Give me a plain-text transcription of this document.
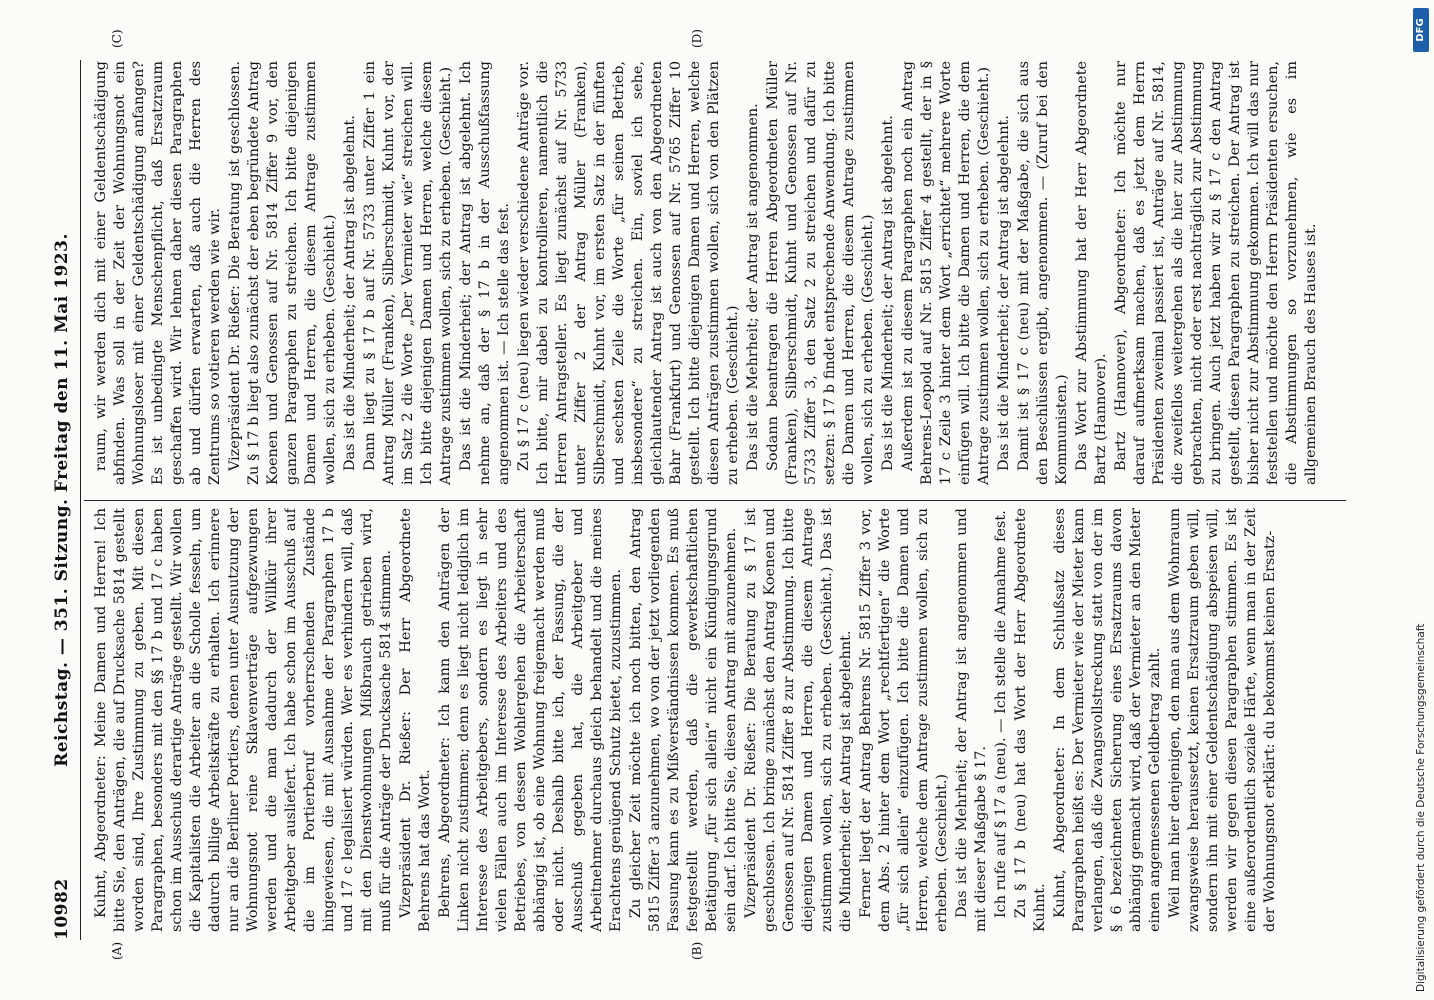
10982
Reichstag. — 351. Sitzung. Freitag den 11. Mai 1923.
(A)	(B)
(C)	(D)

Kuhnt, Abgeordneter: Meine Damen und Herren! Ich bitte Sie, den Anträgen, die auf Drucksache 5814 gestellt worden sind, Ihre Zustimmung zu geben. Mit diesen Paragraphen, besonders mit den §§ 17 b und 17 c haben schon im Ausschuß derartige Anträge gestellt. Wir wollen die Kapitalisten die Arbeiter an die Scholle fesseln, um dadurch billige Arbeitskräfte zu erhalten. Ich erinnere nur an die Berliner Portiers, denen unter Ausnutzung der Wohnungsnot reine Sklavenverträge aufgezwungen werden und die man dadurch der Willkür ihrer Arbeitgeber ausliefert. Ich habe schon im Ausschuß auf die im Portierberuf vorherrschenden Zustände hingewiesen, die mit Ausnahme der Paragraphen 17 b und 17 c legalisiert würden. Wer es verhindern will, daß mit den Dienstwohnungen Mißbrauch getrieben wird, muß für die Anträge der Drucksache 5814 stimmen. Vizepräsident Dr. Rießer: Der Herr Abgeordnete Behrens hat das Wort. Behrens, Abgeordneter: Ich kann den Anträgen der Linken nicht zustimmen; denn es liegt nicht lediglich im Interesse des Arbeitgebers, sondern es liegt in sehr vielen Fällen auch im Interesse des Arbeiters und des Betriebes, von dessen Wohlergehen die Arbeiterschaft abhängig ist, ob eine Wohnung freigemacht werden muß oder nicht. Deshalb bitte ich, der Fassung, die der Ausschuß gegeben hat, die Arbeitgeber und Arbeitnehmer durchaus gleich behandelt und die meines Erachtens genügend Schutz bietet, zuzustimmen. Zu gleicher Zeit möchte ich noch bitten, den Antrag 5815 Ziffer 3 anzunehmen, wo von der jetzt vorliegenden Fassung kann es zu Mißverständnissen kommen. Es muß festgestellt werden, daß die gewerkschaftlichen Betätigung „für sich allein“ nicht ein Kündigungsgrund sein darf. Ich bitte Sie, diesen Antrag mit anzunehmen. Vizepräsident Dr. Rießer: Die Beratung zu § 17 ist geschlossen. Ich bringe zunächst den Antrag Koenen und Genossen auf Nr. 5814 Ziffer 8 zur Abstimmung. Ich bitte diejenigen Damen und Herren, die diesem Antrage zustimmen wollen, sich zu erheben. (Geschieht.) Das ist die Minderheit; der Antrag ist abgelehnt. Ferner liegt der Antrag Behrens Nr. 5815 Ziffer 3 vor, dem Abs. 2 hinter dem Wort „rechtfertigen“ die Worte „für sich allein“ einzufügen. Ich bitte die Damen und Herren, welche dem Antrage zustimmen wollen, sich zu erheben. (Geschieht.) Das ist die Mehrheit; der Antrag ist angenommen und mit dieser Maßgabe § 17. Ich rufe auf § 17 a (neu). — Ich stelle die Annahme fest. Zu § 17 b (neu) hat das Wort der Herr Abgeordnete Kuhnt. Kuhnt, Abgeordneter: In dem Schlußsatz dieses Paragraphen heißt es: Der Vermieter wie der Mieter kann verlangen, daß die Zwangsvollstreckung statt von der im § 6 bezeichneten Sicherung eines Ersatzraums davon abhängig gemacht wird, daß der Vermieter an den Mieter einen angemessenen Geldbetrag zahlt. Weil man hier denjenigen, den man aus dem Wohnraum zwangsweise heraussetzt, keinen Ersatzraum geben will, sondern ihn mit einer Geldentschädigung abspeisen will, werden wir gegen diesen Paragraphen stimmen. Es ist eine außerordentlich soziale Härte, wenn man in der Zeit der Wohnungsnot erklärt: du bekommst keinen Ersatz-

raum, wir werden dich mit einer Geldentschädigung abfinden. Was soll in der Zeit der Wohnungsnot ein Wohnungsloser mit einer Geldentschädigung anfangen? Es ist unbedingte Menschenpflicht, daß Ersatzraum geschaffen wird. Wir lehnen daher diesen Paragraphen ab und dürfen erwarten, daß auch die Herren des Zentrums so votieren werden wie wir. Vizepräsident Dr. Rießer: Die Beratung ist geschlossen. Zu § 17 b liegt also zunächst der eben begründete Antrag Koenen und Genossen auf Nr. 5814 Ziffer 9 vor, den ganzen Paragraphen zu streichen. Ich bitte diejenigen Damen und Herren, die diesem Antrage zustimmen wollen, sich zu erheben. (Geschieht.) Das ist die Minderheit; der Antrag ist abgelehnt. Dann liegt zu § 17 b auf Nr. 5733 unter Ziffer 1 ein Antrag Müller (Franken), Silberschmidt, Kuhnt vor, der im Satz 2 die Worte „Der Vermieter wie“ streichen will. Ich bitte diejenigen Damen und Herren, welche diesem Antrage zustimmen wollen, sich zu erheben. (Geschieht.) Das ist die Minderheit; der Antrag ist abgelehnt. Ich nehme an, daß der § 17 b in der Ausschußfassung angenommen ist. — Ich stelle das fest. Zu § 17 c (neu) liegen wieder verschiedene Anträge vor. Ich bitte, mir dabei zu kontrollieren, namentlich die Herren Antragsteller. Es liegt zunächst auf Nr. 5733 unter Ziffer 2 der Antrag Müller (Franken), Silberschmidt, Kuhnt vor, im ersten Satz in der fünften und sechsten Zeile die Worte „für seinen Betrieb, insbesondere“ zu streichen. Ein, soviel ich sehe, gleichlautender Antrag ist auch von den Abgeordneten Bahr (Frankfurt) und Genossen auf Nr. 5765 Ziffer 10 gestellt. Ich bitte diejenigen Damen und Herren, welche diesen Anträgen zustimmen wollen, sich von den Plätzen zu erheben. (Geschieht.) Das ist die Mehrheit; der Antrag ist angenommen. Sodann beantragen die Herren Abgeordneten Müller (Franken), Silberschmidt, Kuhnt und Genossen auf Nr. 5733 Ziffer 3, den Satz 2 zu streichen und dafür zu setzen: § 17 b findet entsprechende Anwendung. Ich bitte die Damen und Herren, die diesem Antrage zustimmen wollen, sich zu erheben. (Geschieht.) Das ist die Minderheit; der Antrag ist abgelehnt. Außerdem ist zu diesem Paragraphen noch ein Antrag Behrens-Leopold auf Nr. 5815 Ziffer 4 gestellt, der in § 17 c Zeile 3 hinter dem Wort „errichtet“ mehrere Worte einfügen will. Ich bitte die Damen und Herren, die dem Antrage zustimmen wollen, sich zu erheben. (Geschieht.) Das ist die Minderheit; der Antrag ist abgelehnt. Damit ist § 17 c (neu) mit der Maßgabe, die sich aus den Beschlüssen ergibt, angenommen. — (Zuruf bei den Kommunisten.) Das Wort zur Abstimmung hat der Herr Abgeordnete Bartz (Hannover). Bartz (Hannover), Abgeordneter: Ich möchte nur darauf aufmerksam machen, daß es jetzt dem Herrn Präsidenten zweimal passiert ist, Anträge auf Nr. 5814, die zweifellos weitergehen als die hier zur Abstimmung gebrachten, nicht oder erst nachträglich zur Abstimmung zu bringen. Auch jetzt haben wir zu § 17 c den Antrag gestellt, diesen Paragraphen zu streichen. Der Antrag ist bisher nicht zur Abstimmung gekommen. Ich will das nur feststellen und möchte den Herrn Präsidenten ersuchen, die Abstimmungen so vorzunehmen, wie es im allgemeinen Brauch des Hauses ist.

Digitalisierung gefördert durch die Deutsche Forschungsgemeinschaft
DFG
